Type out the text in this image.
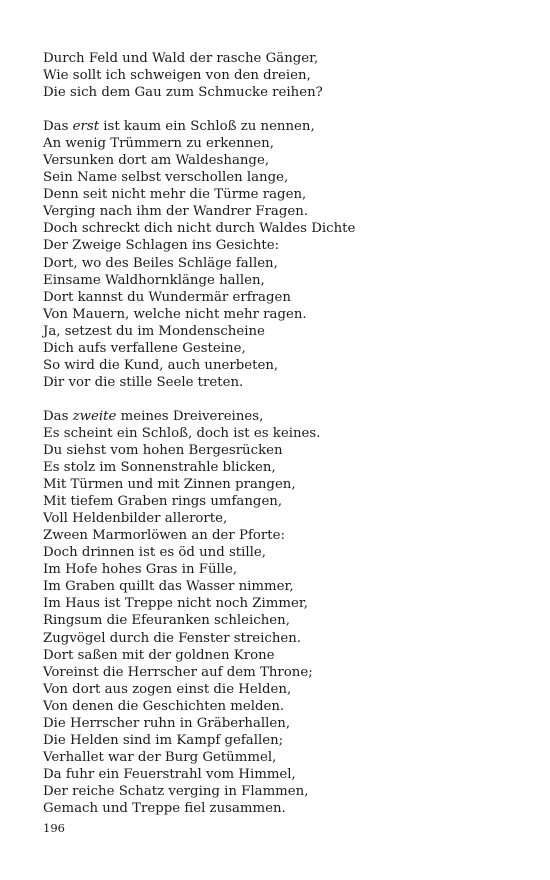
Durch Feld und Wald der rasche Gänger,
Wie sollt ich schweigen von den dreien,
Die sich dem Gau zum Schmucke reihen?
Das erst ist kaum ein Schloß zu nennen,
An wenig Trümmern zu erkennen,
Versunken dort am Waldeshange,
Sein Name selbst verschollen lange,
Denn seit nicht mehr die Türme ragen,
Verging nach ihm der Wandrer Fragen.
Doch schreckt dich nicht durch Waldes Dichte
Der Zweige Schlagen ins Gesichte:
Dort, wo des Beiles Schläge fallen,
Einsame Waldhornklänge hallen,
Dort kannst du Wundermär erfragen
Von Mauern, welche nicht mehr ragen.
Ja, setzest du im Mondenscheine
Dich aufs verfallene Gesteine,
So wird die Kund, auch unerbeten,
Dir vor die stille Seele treten.
Das zweite meines Dreivereines,
Es scheint ein Schloß, doch ist es keines.
Du siehst vom hohen Bergesrücken
Es stolz im Sonnenstrahle blicken,
Mit Türmen und mit Zinnen prangen,
Mit tiefem Graben rings umfangen,
Voll Heldenbilder allerorte,
Zween Marmorlöwen an der Pforte:
Doch drinnen ist es öd und stille,
Im Hofe hohes Gras in Fülle,
Im Graben quillt das Wasser nimmer,
Im Haus ist Treppe nicht noch Zimmer,
Ringsum die Efeuranken schleichen,
Zugvögel durch die Fenster streichen.
Dort saßen mit der goldnen Krone
Voreinst die Herrscher auf dem Throne;
Von dort aus zogen einst die Helden,
Von denen die Geschichten melden.
Die Herrscher ruhn in Gräberhallen,
Die Helden sind im Kampf gefallen;
Verhallet war der Burg Getümmel,
Da fuhr ein Feuerstrahl vom Himmel,
Der reiche Schatz verging in Flammen,
Gemach und Treppe fiel zusammen.
196
